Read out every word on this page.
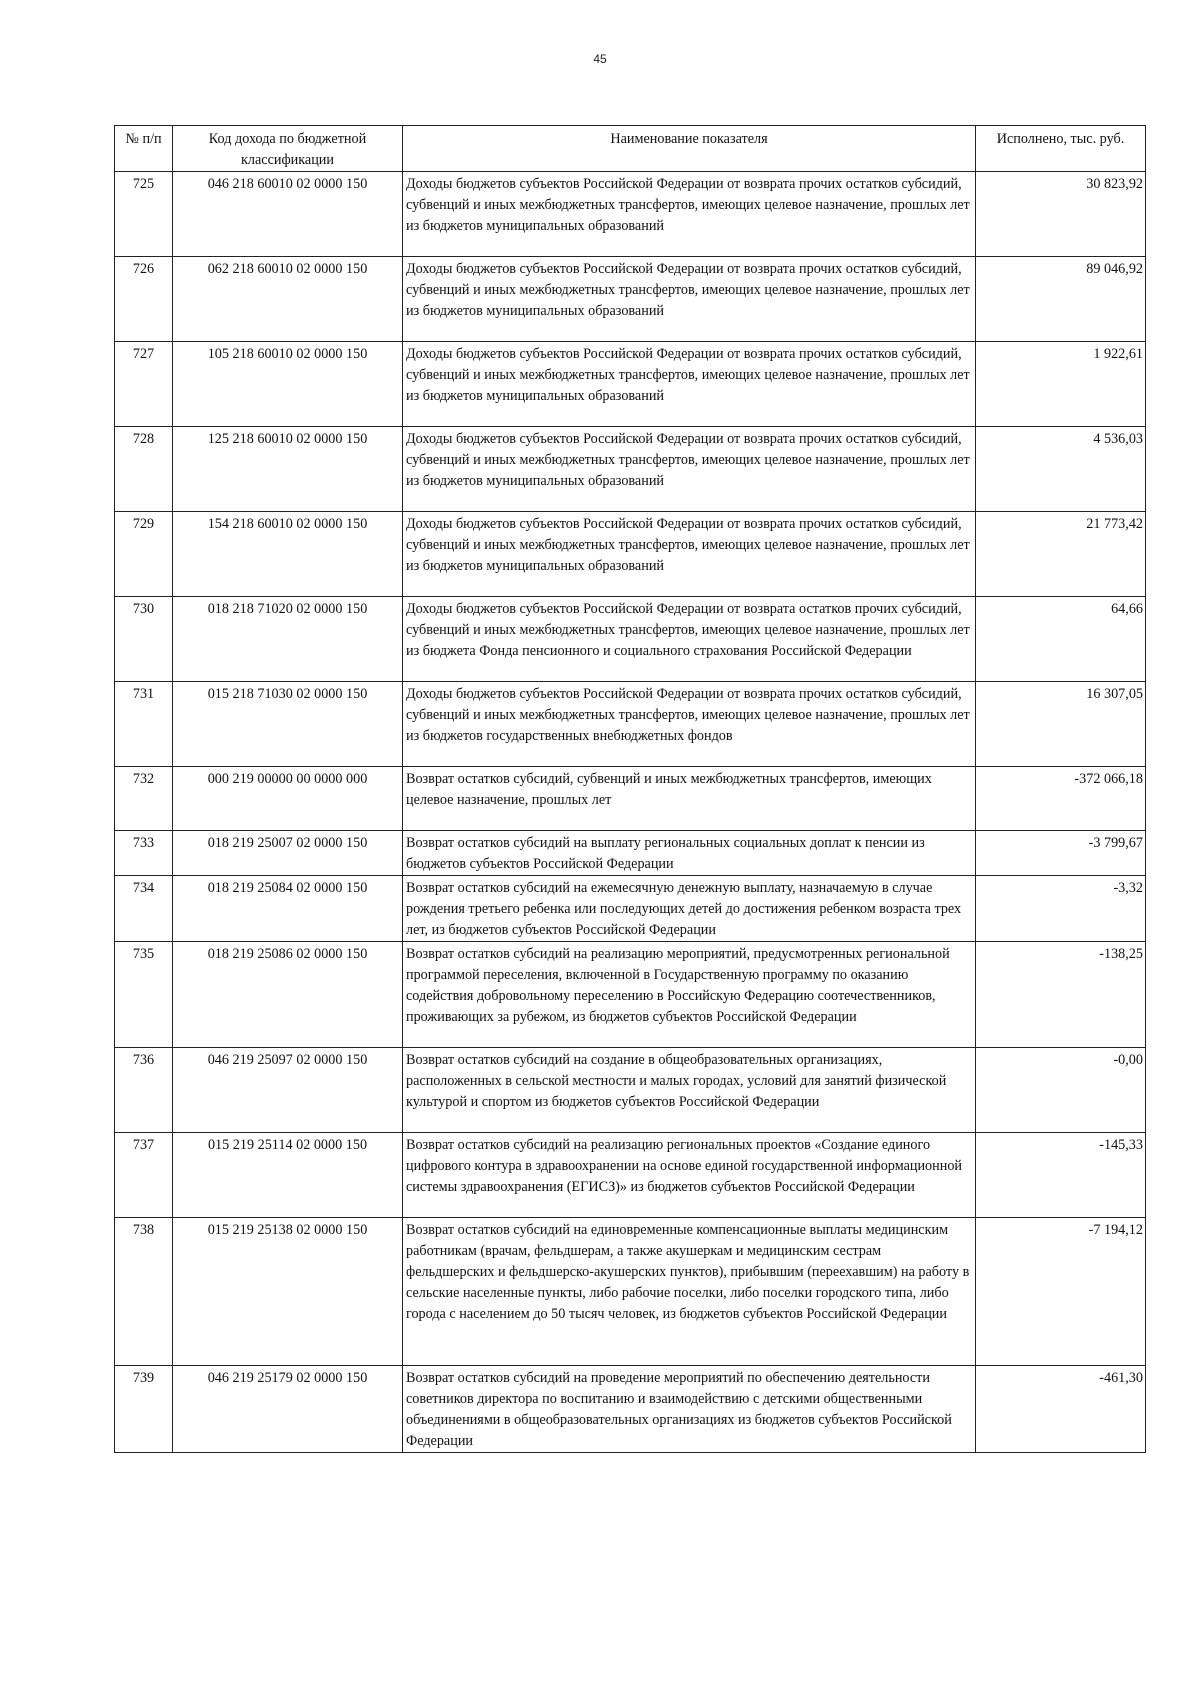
45
№ п/п	Код дохода по бюджетной классификации	Наименование показателя	Исполнено, тыс. руб.
725	046 218 60010 02 0000 150	Доходы бюджетов субъектов Российской Федерации от возврата прочих остатков субсидий, субвенций и иных межбюджетных трансфертов, имеющих целевое назначение, прошлых лет из бюджетов муниципальных образований	30 823,92
726	062 218 60010 02 0000 150	Доходы бюджетов субъектов Российской Федерации от возврата прочих остатков субсидий, субвенций и иных межбюджетных трансфертов, имеющих целевое назначение, прошлых лет из бюджетов муниципальных образований	89 046,92
727	105 218 60010 02 0000 150	Доходы бюджетов субъектов Российской Федерации от возврата прочих остатков субсидий, субвенций и иных межбюджетных трансфертов, имеющих целевое назначение, прошлых лет из бюджетов муниципальных образований	1 922,61
728	125 218 60010 02 0000 150	Доходы бюджетов субъектов Российской Федерации от возврата прочих остатков субсидий, субвенций и иных межбюджетных трансфертов, имеющих целевое назначение, прошлых лет из бюджетов муниципальных образований	4 536,03
729	154 218 60010 02 0000 150	Доходы бюджетов субъектов Российской Федерации от возврата прочих остатков субсидий, субвенций и иных межбюджетных трансфертов, имеющих целевое назначение, прошлых лет из бюджетов муниципальных образований	21 773,42
730	018 218 71020 02 0000 150	Доходы бюджетов субъектов Российской Федерации от возврата остатков прочих субсидий, субвенций и иных межбюджетных трансфертов, имеющих целевое назначение, прошлых лет из бюджета Фонда пенсионного и социального страхования Российской Федерации	64,66
731	015 218 71030 02 0000 150	Доходы бюджетов субъектов Российской Федерации от возврата прочих остатков субсидий, субвенций и иных межбюджетных трансфертов, имеющих целевое назначение, прошлых лет из бюджетов государственных внебюджетных фондов	16 307,05
732	000 219 00000 00 0000 000	Возврат остатков субсидий, субвенций и иных межбюджетных трансфертов, имеющих целевое назначение, прошлых лет	-372 066,18
733	018 219 25007 02 0000 150	Возврат остатков субсидий на выплату региональных социальных доплат к пенсии из бюджетов субъектов Российской Федерации	-3 799,67
734	018 219 25084 02 0000 150	Возврат остатков субсидий на ежемесячную денежную выплату, назначаемую в случае рождения третьего ребенка или последующих детей до достижения ребенком возраста трех лет, из бюджетов субъектов Российской Федерации	-3,32
735	018 219 25086 02 0000 150	Возврат остатков субсидий на реализацию мероприятий, предусмотренных региональной программой переселения, включенной в Государственную программу по оказанию содействия добровольному переселению в Российскую Федерацию соотечественников, проживающих за рубежом, из бюджетов субъектов Российской Федерации	-138,25
736	046 219 25097 02 0000 150	Возврат остатков субсидий на создание в общеобразовательных организациях, расположенных в сельской местности и малых городах, условий для занятий физической культурой и спортом из бюджетов субъектов Российской Федерации	-0,00
737	015 219 25114 02 0000 150	Возврат остатков субсидий на реализацию региональных проектов «Создание единого цифрового контура в здравоохранении на основе единой государственной информационной системы здравоохранения (ЕГИСЗ)» из бюджетов субъектов Российской Федерации	-145,33
738	015 219 25138 02 0000 150	Возврат остатков субсидий на единовременные компенсационные выплаты медицинским работникам (врачам, фельдшерам, а также акушеркам и медицинским сестрам фельдшерских и фельдшерско-акушерских пунктов), прибывшим (переехавшим) на работу в сельские населенные пункты, либо рабочие поселки, либо поселки городского типа, либо города с населением до 50 тысяч человек, из бюджетов субъектов Российской Федерации	-7 194,12
739	046 219 25179 02 0000 150	Возврат остатков субсидий на проведение мероприятий по обеспечению деятельности советников директора по воспитанию и взаимодействию с детскими общественными объединениями в общеобразовательных организациях из бюджетов субъектов Российской Федерации	-461,30
